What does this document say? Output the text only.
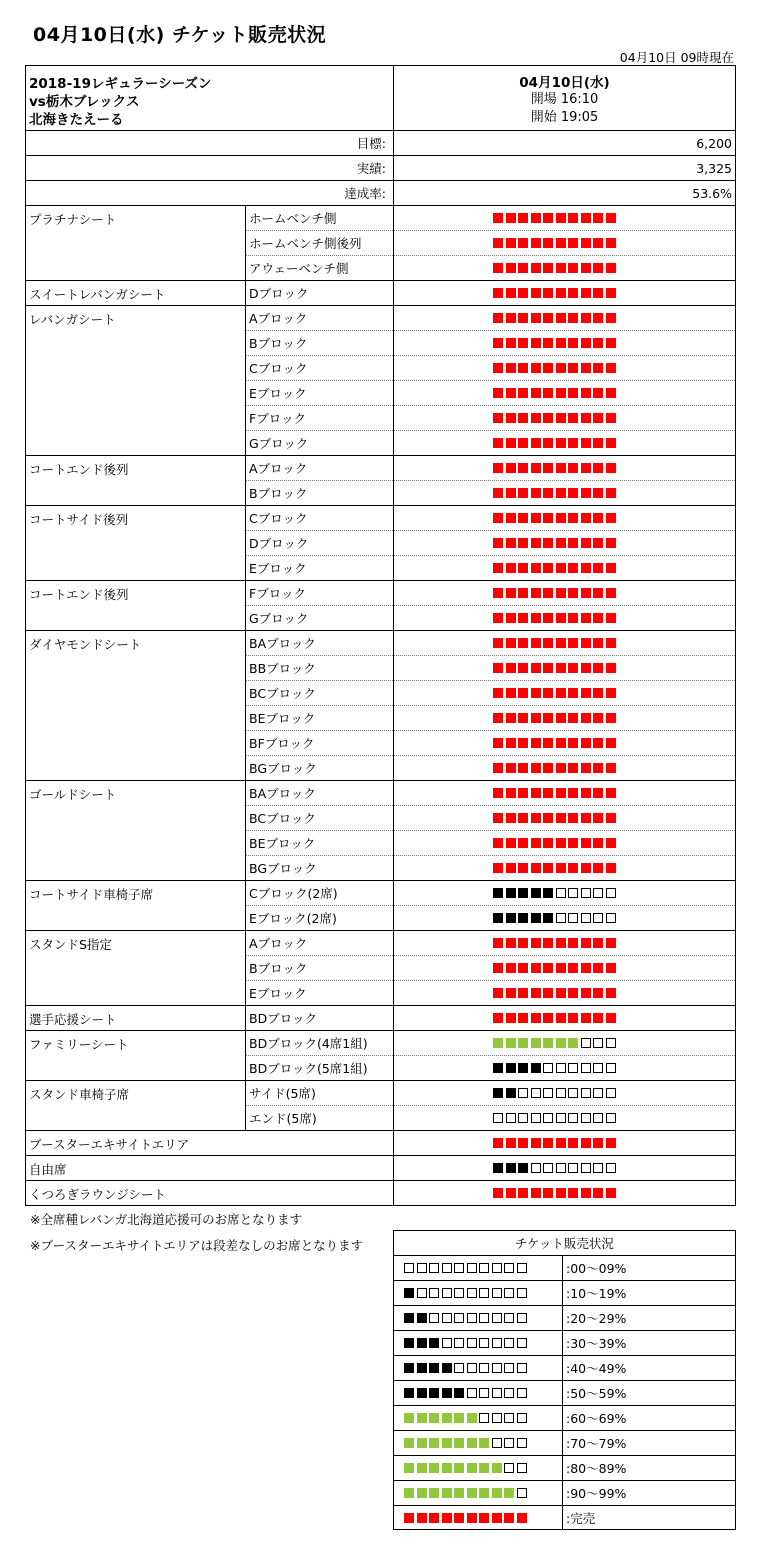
04月10日(水) チケット販売状況
04月10日 09時現在
2018-19レギュラーシーズン
vs栃木ブレックス
北海きたえーる
04月10日(水)
開場 16:10
開始 19:05
目標:	6,200
実績:	3,325
達成率:	53.6%
プラチナシート	ホームベンチ側
ホームベンチ側後列
アウェーベンチ側
スイートレバンガシート	Dブロック
レバンガシート	Aブロック
Bブロック
Cブロック
Eブロック
Fブロック
Gブロック
コートエンド後列	Aブロック
Bブロック
コートサイド後列	Cブロック
Dブロック
Eブロック
コートエンド後列	Fブロック
Gブロック
ダイヤモンドシート	BAブロック
BBブロック
BCブロック
BEブロック
BFブロック
BGブロック
ゴールドシート	BAブロック
BCブロック
BEブロック
BGブロック
コートサイド車椅子席	Cブロック(2席)
Eブロック(2席)
スタンドS指定	Aブロック
Bブロック
Eブロック
選手応援シート	BDブロック
ファミリーシート	BDブロック(4席1組)
BDブロック(5席1組)
スタンド車椅子席	サイド(5席)
エンド(5席)
ブースターエキサイトエリア
自由席
くつろぎラウンジシート
※全席種レバンガ北海道応援可のお席となります
※ブースターエキサイトエリアは段差なしのお席となります	チケット販売状況
:00～09%
:10～19%
:20～29%
:30～39%
:40～49%
:50～59%
:60～69%
:70～79%
:80～89%
:90～99%
:完売
